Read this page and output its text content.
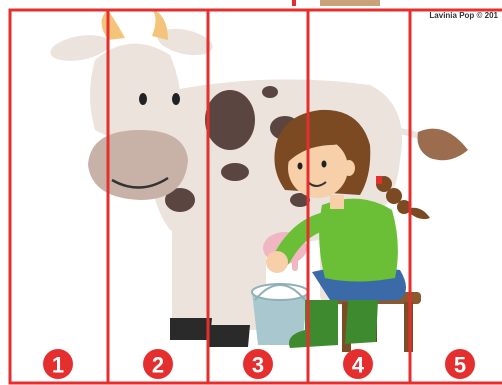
1	2	3	4	5
Lavinia Pop © 201
